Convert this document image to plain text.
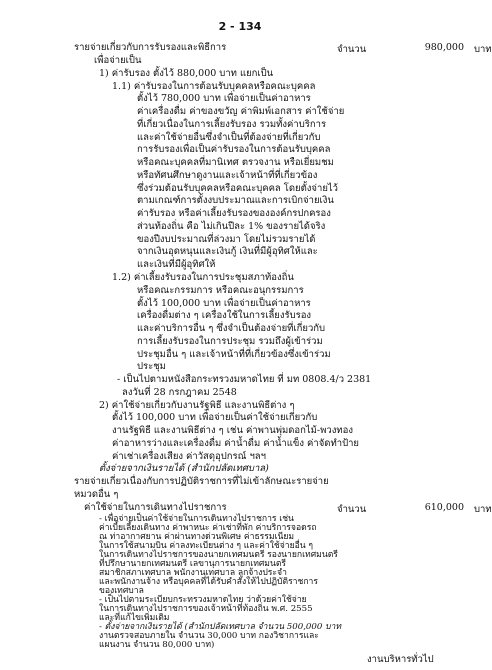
2 - 134
รายจ่ายเกี่ยวกับการรับรองและพิธีการ	จำนวน	980,000 บาท
เพื่อจ่ายเป็น
1) ค่ารับรอง ตั้งไว้ 880,000 บาท แยกเป็น
1.1) ค่ารับรองในการต้อนรับบุคคลหรือคณะบุคคล
ตั้งไว้ 780,000 บาท เพื่อจ่ายเป็นค่าอาหาร
ค่าเครื่องดื่ม ค่าของขวัญ ค่าพิมพ์เอกสาร ค่าใช้จ่าย
ที่เกี่ยวเนื่องในการเลี้ยงรับรอง รวมทั้งค่าบริการ
และค่าใช้จ่ายอื่นซึ่งจำเป็นที่ต้องจ่ายที่เกี่ยวกับ
การรับรองเพื่อเป็นค่ารับรองในการต้อนรับบุคคล
หรือคณะบุคคลที่มานิเทศ ตรวจงาน หรือเยี่ยมชม
หรือทัศนศึกษาดูงานและเจ้าหน้าที่ที่เกี่ยวข้อง
ซึ่งร่วมต้อนรับบุคคลหรือคณะบุคคล โดยตั้งจ่ายไว้
ตามเกณฑ์การตั้งงบประมาณและการเบิกจ่ายเงิน
ค่ารับรอง หรือค่าเลี้ยงรับรองขององค์กรปกครอง
ส่วนท้องถิ่น คือ ไม่เกินปีละ 1% ของรายได้จริง
ของปีงบประมาณที่ล่วงมา โดยไม่รวมรายได้
จากเงินอุดหนุนและเงินกู้ เงินที่มีผู้อุทิศให้และ
และเงินที่มีผู้อุทิศให้
1.2) ค่าเลี้ยงรับรองในการประชุมสภาท้องถิ่น
หรือคณะกรรมการ หรือคณะอนุกรรมการ
ตั้งไว้ 100,000 บาท เพื่อจ่ายเป็นค่าอาหาร
เครื่องดื่มต่าง ๆ เครื่องใช้ในการเลี้ยงรับรอง
และค่าบริการอื่น ๆ ซึ่งจำเป็นต้องจ่ายที่เกี่ยวกับ
การเลี้ยงรับรองในการประชุม รวมถึงผู้เข้าร่วม
ประชุมอื่น ๆ และเจ้าหน้าที่ที่เกี่ยวข้องซึ่งเข้าร่วม
ประชุม
- เป็นไปตามหนังสือกระทรวงมหาดไทย ที่ มท 0808.4/ว 2381
ลงวันที่ 28 กรกฎาคม 2548
2) ค่าใช้จ่ายเกี่ยวกับงานรัฐพิธี และงานพิธีต่าง ๆ
ตั้งไว้ 100,000 บาท เพื่อจ่ายเป็นค่าใช้จ่ายเกี่ยวกับ
งานรัฐพิธี และงานพิธีต่าง ๆ เช่น ค่าพานพุ่มดอกไม้-พวงทอง
ค่าอาหารว่างและเครื่องดื่ม ค่าน้ำดื่ม ค่าน้ำแข็ง ค่าจัดทำป้าย
ค่าเช่าเครื่องเสียง ค่าวัสดุอุปกรณ์ ฯลฯ
ตั้งจ่ายจากเงินรายได้ (สำนักปลัดเทศบาล)
รายจ่ายเกี่ยวเนื่องกับการปฏิบัติราชการที่ไม่เข้าลักษณะรายจ่าย
หมวดอื่น ๆ
ค่าใช้จ่ายในการเดินทางไปราชการ	จำนวน	610,000 บาท
- เพื่อจ่ายเป็นค่าใช้จ่ายในการเดินทางไปราชการ เช่น
ค่าเบี้ยเลี้ยงเดินทาง ค่าพาหนะ ค่าเช่าที่พัก ค่าบริการจอดรถ
ณ ท่าอากาศยาน ค่าผ่านทางด่วนพิเศษ ค่าธรรมเนียม
ในการใช้สนามบิน ค่าลงทะเบียนต่าง ๆ และค่าใช้จ่ายอื่น ๆ
ในการเดินทางไปราชการของนายกเทศมนตรี รองนายกเทศมนตรี
ที่ปรึกษานายกเทศมนตรี เลขานุการนายกเทศมนตรี
สมาชิกสภาเทศบาล พนักงานเทศบาล ลูกจ้างประจำ
และพนักงานจ้าง หรือบุคคลที่ได้รับคำสั่งให้ไปปฏิบัติราชการ
ของเทศบาล
- เป็นไปตามระเบียบกระทรวงมหาดไทย ว่าด้วยค่าใช้จ่าย
ในการเดินทางไปราชการของเจ้าหน้าที่ท้องถิ่น พ.ศ. 2555
และที่แก้ไขเพิ่มเติม
- ตั้งจ่ายจากเงินรายได้ (สำนักปลัดเทศบาล จำนวน 500,000 บาท
งานตรวจสอบภายใน จำนวน 30,000 บาท กองวิชาการและ
แผนงาน จำนวน 80,000 บาท)
งานบริหารทั่วไป
